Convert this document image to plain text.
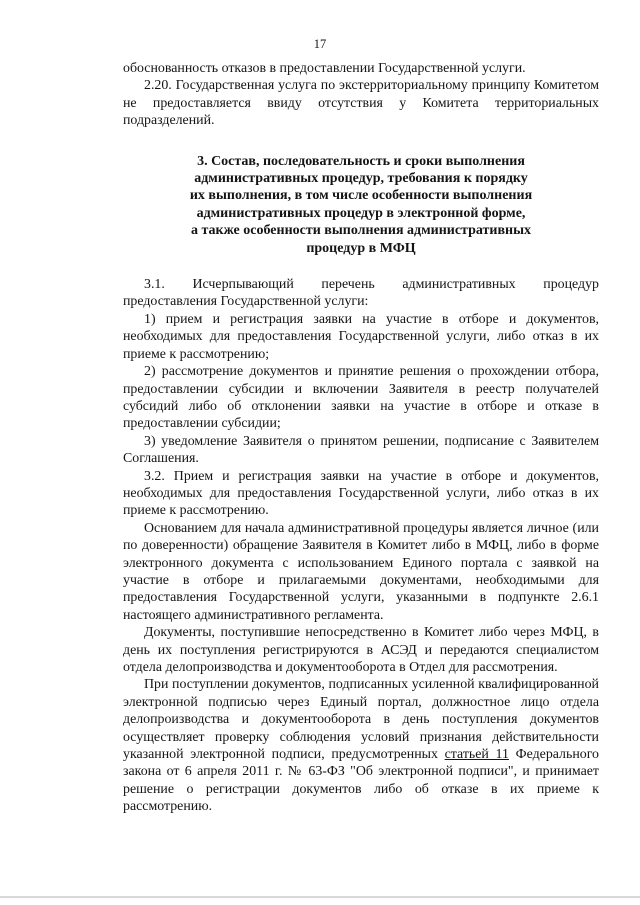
17

обоснованность отказов в предоставлении Государственной услуги.

2.20. Государственная услуга по экстерриториальному принципу Комитетом не предоставляется ввиду отсутствия у Комитета территориальных подразделений.

3. Состав, последовательность и сроки выполнения
административных процедур, требования к порядку
их выполнения, в том числе особенности выполнения
административных процедур в электронной форме,
а также особенности выполнения административных
процедур в МФЦ

3.1. Исчерпывающий перечень административных процедур предоставления Государственной услуги:

1) прием и регистрация заявки на участие в отборе и документов, необходимых для предоставления Государственной услуги, либо отказ в их приеме к рассмотрению;

2) рассмотрение документов и принятие решения о прохождении отбора, предоставлении субсидии и включении Заявителя в реестр получателей субсидий либо об отклонении заявки на участие в отборе и отказе в предоставлении субсидии;

3) уведомление Заявителя о принятом решении, подписание с Заявителем Соглашения.

3.2. Прием и регистрация заявки на участие в отборе и документов, необходимых для предоставления Государственной услуги, либо отказ в их приеме к рассмотрению.

Основанием для начала административной процедуры является личное (или по доверенности) обращение Заявителя в Комитет либо в МФЦ, либо в форме электронного документа с использованием Единого портала с заявкой на участие в отборе и прилагаемыми документами, необходимыми для предоставления Государственной услуги, указанными в подпункте 2.6.1 настоящего административного регламента.

Документы, поступившие непосредственно в Комитет либо через МФЦ, в день их поступления регистрируются в АСЭД и передаются специалистом отдела делопроизводства и документооборота в Отдел для рассмотрения.

При поступлении документов, подписанных усиленной квалифицированной электронной подписью через Единый портал, должностное лицо отдела делопроизводства и документооборота в день поступления документов осуществляет проверку соблюдения условий признания действительности указанной электронной подписи, предусмотренных статьей 11 Федерального закона от 6 апреля 2011 г. № 63-ФЗ "Об электронной подписи", и принимает решение о регистрации документов либо об отказе в их приеме к рассмотрению.
